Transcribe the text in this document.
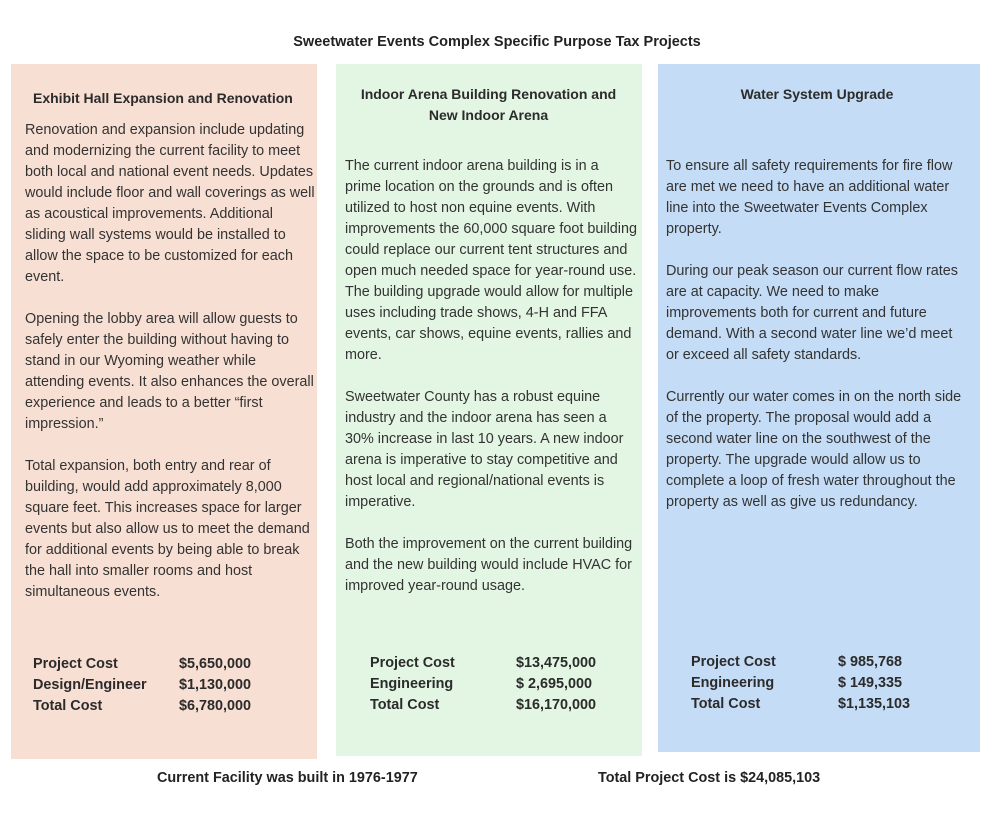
Sweetwater Events Complex Specific Purpose Tax Projects
Exhibit Hall Expansion and Renovation

Renovation and expansion include updating and modernizing the current facility to meet both local and national event needs. Updates would include floor and wall coverings as well as acoustical improvements. Additional sliding wall systems would be installed to allow the space to be customized for each event.

Opening the lobby area will allow guests to safely enter the building without having to stand in our Wyoming weather while attending events. It also enhances the overall experience and leads to a better “first impression.”

Total expansion, both entry and rear of building, would add approximately 8,000 square feet. This increases space for larger events but also allow us to meet the demand for additional events by being able to break the hall into smaller rooms and host simultaneous events.

Project Cost	$5,650,000
Design/Engineer $1,130,000
Total Cost	$6,780,000
Indoor Arena Building Renovation and New Indoor Arena

The current indoor arena building is in a prime location on the grounds and is often utilized to host non equine events. With improvements the 60,000 square foot building could replace our current tent structures and open much needed space for year-round use. The building upgrade would allow for multiple uses including trade shows, 4-H and FFA events, car shows, equine events, rallies and more.

Sweetwater County has a robust equine industry and the indoor arena has seen a 30% increase in last 10 years. A new indoor arena is imperative to stay competitive and host local and regional/national events is imperative.

Both the improvement on the current building and the new building would include HVAC for improved year-round usage.

Project Cost	$13,475,000
Engineering	$ 2,695,000
Total Cost	$16,170,000
Water System Upgrade

To ensure all safety requirements for fire flow are met we need to have an additional water line into the Sweetwater Events Complex property.

During our peak season our current flow rates are at capacity. We need to make improvements both for current and future demand. With a second water line we’d meet or exceed all safety standards.

Currently our water comes in on the north side of the property. The proposal would add a second water line on the southwest of the property. The upgrade would allow us to complete a loop of fresh water throughout the property as well as give us redundancy.

Project Cost	$ 985,768
Engineering	$ 149,335
Total Cost	$1,135,103
Current Facility was built in 1976-1977	Total Project Cost is $24,085,103
